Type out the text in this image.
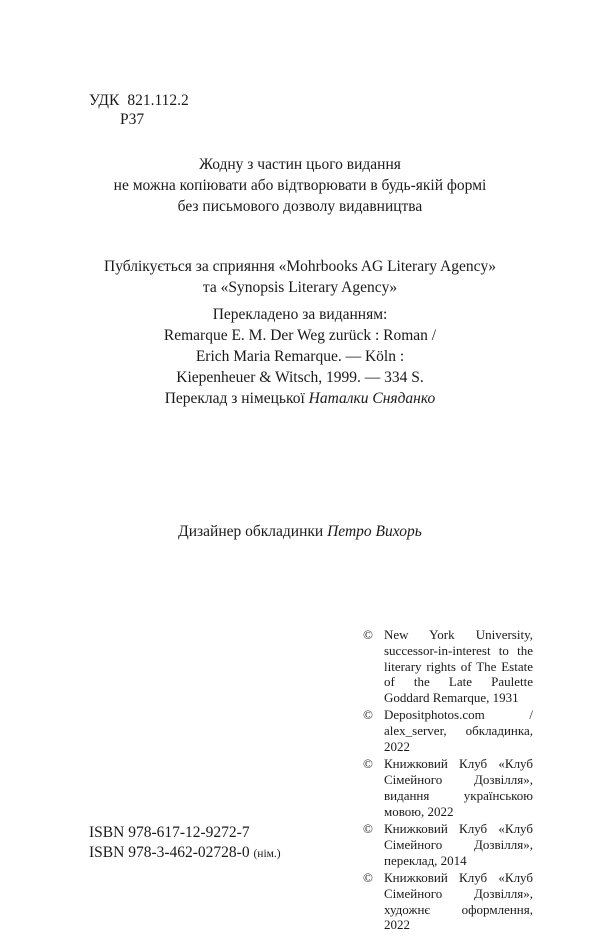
УДК 821.112.2
Р37
Жодну з частин цього видання
не можна копіювати або відтворювати в будь-якій формі
без письмового дозволу видавництва
Публікується за сприяння «Mohrbooks AG Literary Agency»
та «Synopsis Literary Agency»
Перекладено за виданням:
Remarque E. M. Der Weg zurück : Roman /
Erich Maria Remarque. — Köln :
Kiepenheuer & Witsch, 1999. — 334 S.
Переклад з німецької Наталки Сняданко
Дизайнер обкладинки Петро Вихорь
© New York University, successor-in-interest to the literary rights of The Estate of the Late Paulette Goddard Remarque, 1931
© Depositphotos.com / alex_server, обкладинка, 2022
© Книжковий Клуб «Клуб Сімейного Дозвілля», видання українською мовою, 2022
© Книжковий Клуб «Клуб Сімейного Дозвілля», переклад, 2014
© Книжковий Клуб «Клуб Сімейного Дозвілля», художнє оформлення, 2022
ISBN 978-617-12-9272-7
ISBN 978-3-462-02728-0 (нім.)
